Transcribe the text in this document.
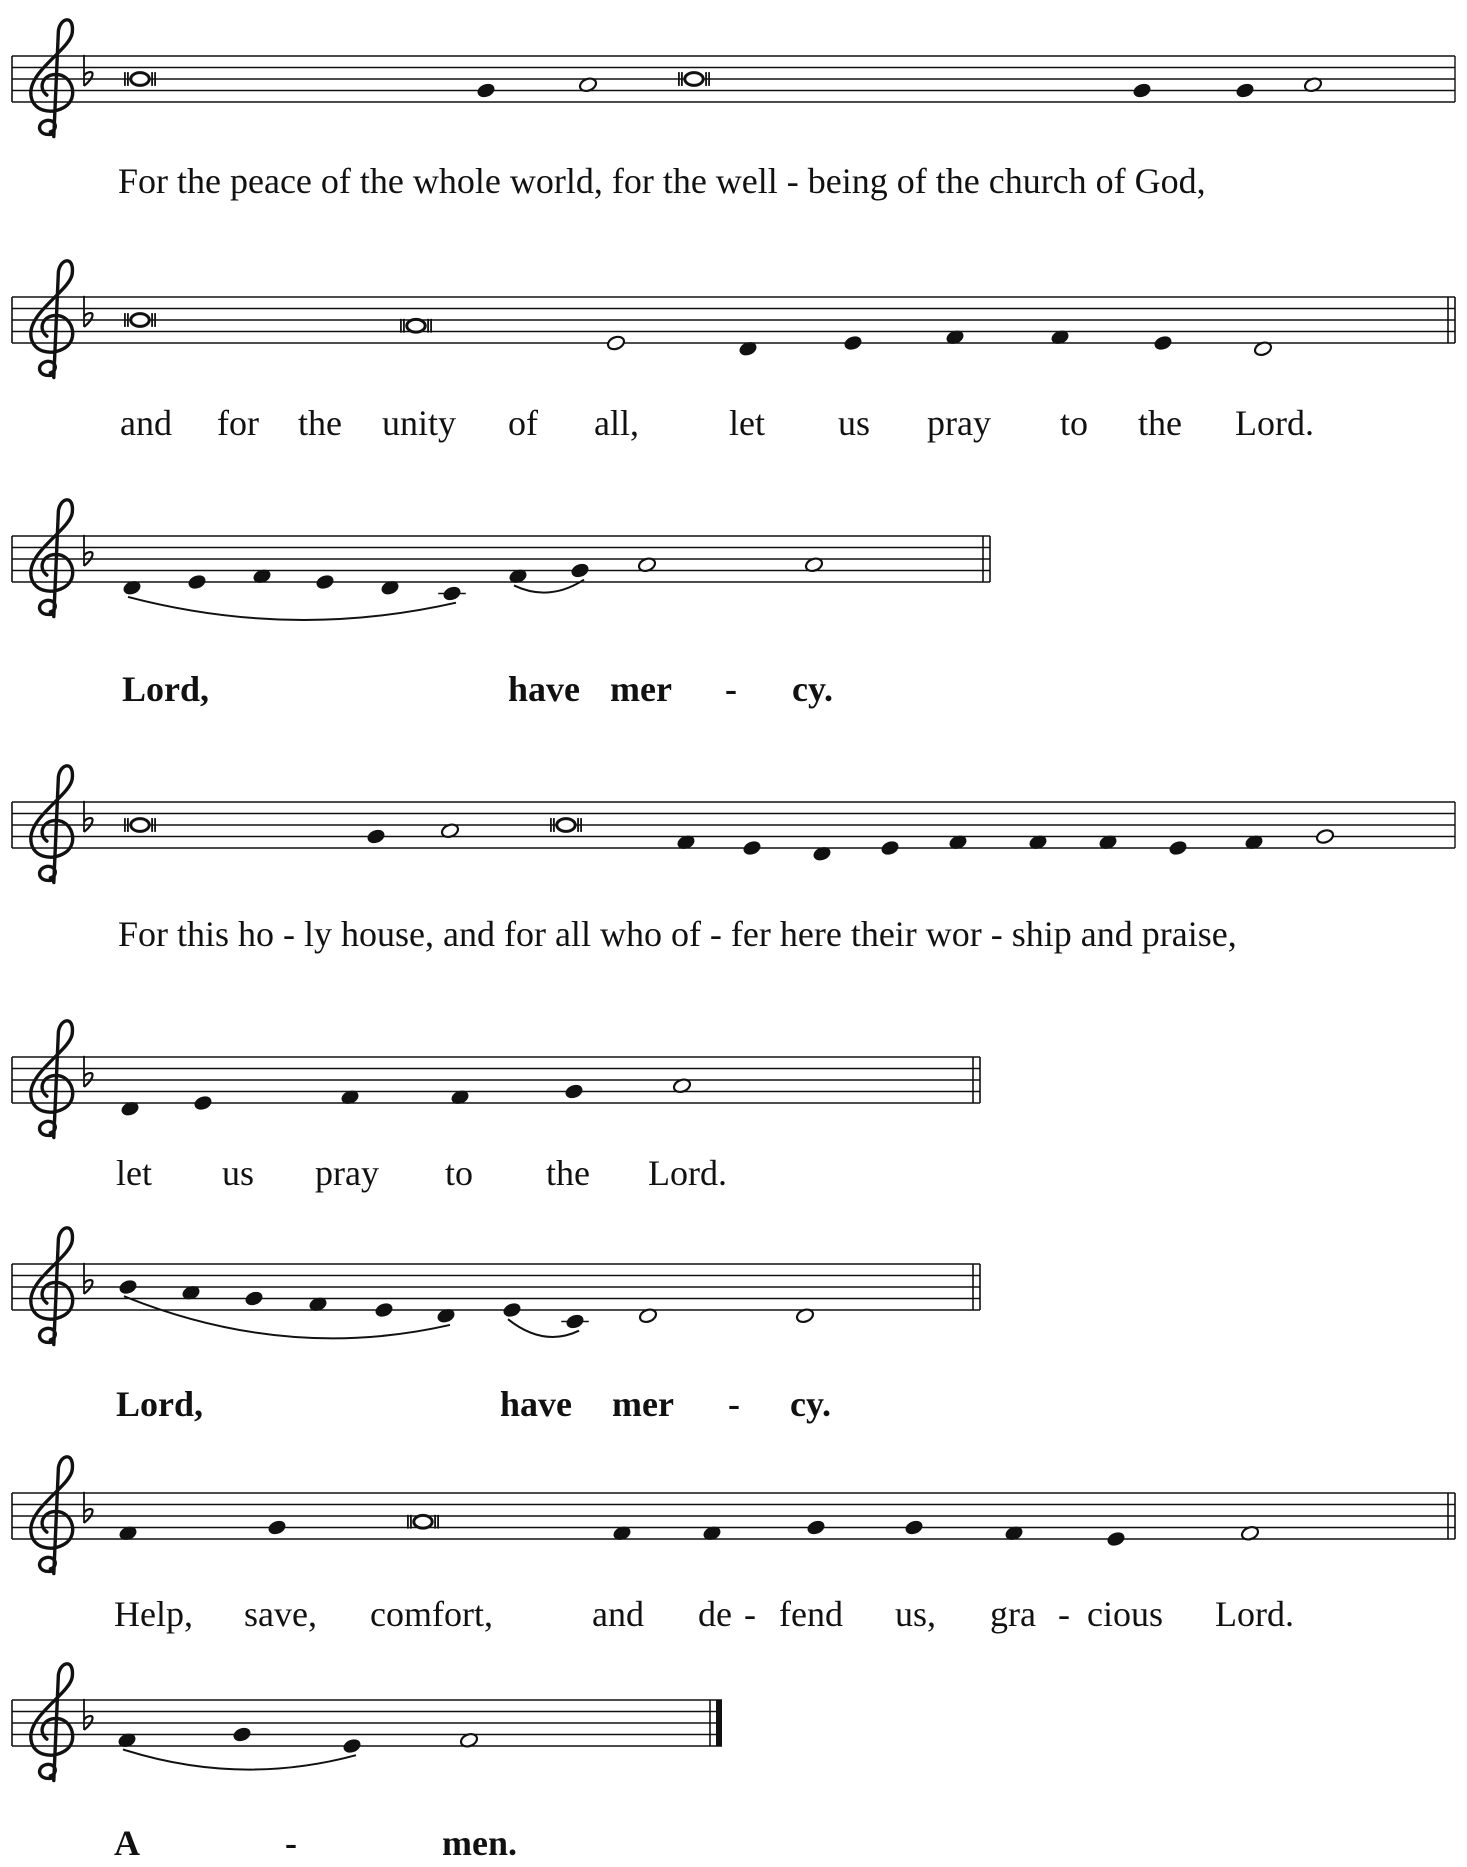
For the peace of the whole world, for the well - being of the church of God,
and for the unity of all,	let us pray to the Lord.
Lord,	have mer - cy.
For this ho - ly house, and for all who of - fer here their wor - ship and praise,
let us pray to the Lord.
Lord,	have mer - cy.
Help, save, comfort,	and de - fend us, gra - cious Lord.
A	-	men.
